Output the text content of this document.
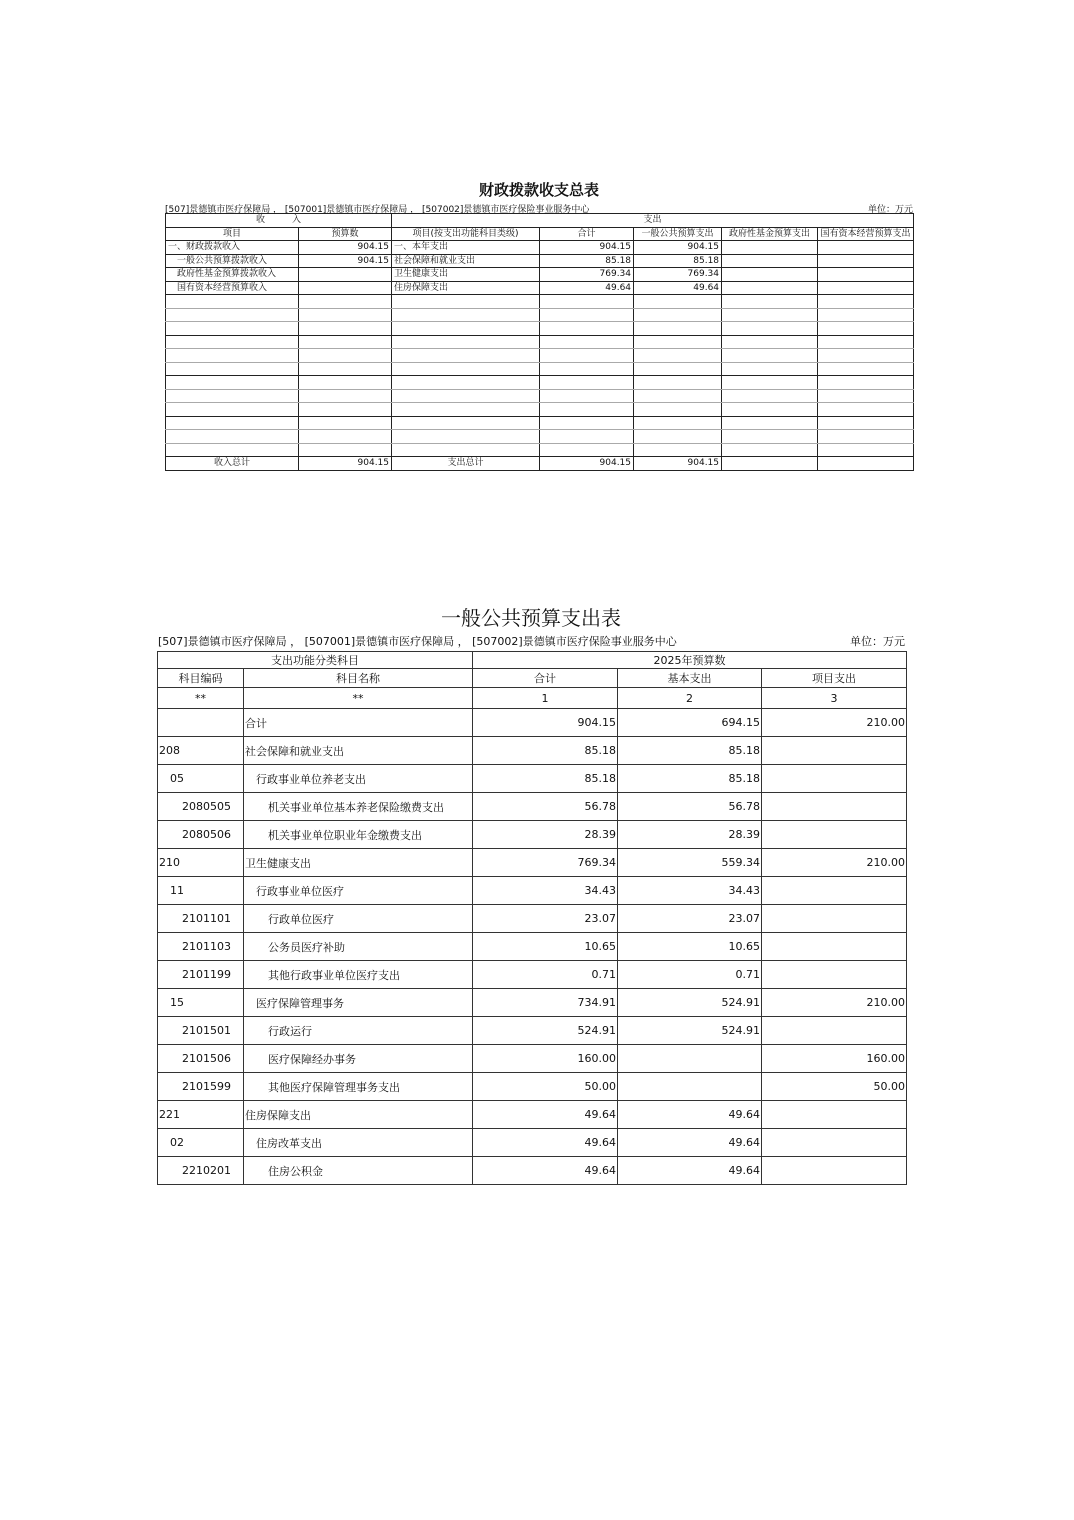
财政拨款收支总表
[507]景德镇市医疗保障局 ， [507001]景德镇市医疗保障局 ， [507002]景德镇市医疗保险事业服务中心	单位：万元
收　　　入		支出				
项目	预算数	项目(按支出功能科目类级)	合计	一般公共预算支出	政府性基金预算支出	国有资本经营预算支出
一、财政拨款收入	904.15	一、本年支出	904.15	904.15		
　一般公共预算拨款收入	904.15	社会保障和就业支出	85.18	85.18		
　政府性基金预算拨款收入		卫生健康支出	769.34	769.34		
　国有资本经营预算收入		住房保障支出	49.64	49.64		

收入总计	904.15	支出总计	904.15	904.15		
一般公共预算支出表
[507]景德镇市医疗保障局 ， [507001]景德镇市医疗保障局 ， [507002]景德镇市医疗保险事业服务中心	单位：万元
支出功能分类科目		2025年预算数		
科目编码	科目名称	合计	基本支出	项目支出
**	**	1	2	3
	合计	904.15	694.15	210.00
208	社会保障和就业支出	85.18	85.18	
05	行政事业单位养老支出	85.18	85.18	
2080505	机关事业单位基本养老保险缴费支出	56.78	56.78	
2080506	机关事业单位职业年金缴费支出	28.39	28.39	
210	卫生健康支出	769.34	559.34	210.00
11	行政事业单位医疗	34.43	34.43	
2101101	行政单位医疗	23.07	23.07	
2101103	公务员医疗补助	10.65	10.65	
2101199	其他行政事业单位医疗支出	0.71	0.71	
15	医疗保障管理事务	734.91	524.91	210.00
2101501	行政运行	524.91	524.91	
2101506	医疗保障经办事务	160.00		160.00
2101599	其他医疗保障管理事务支出	50.00		50.00
221	住房保障支出	49.64	49.64	
02	住房改革支出	49.64	49.64	
2210201	住房公积金	49.64	49.64	
